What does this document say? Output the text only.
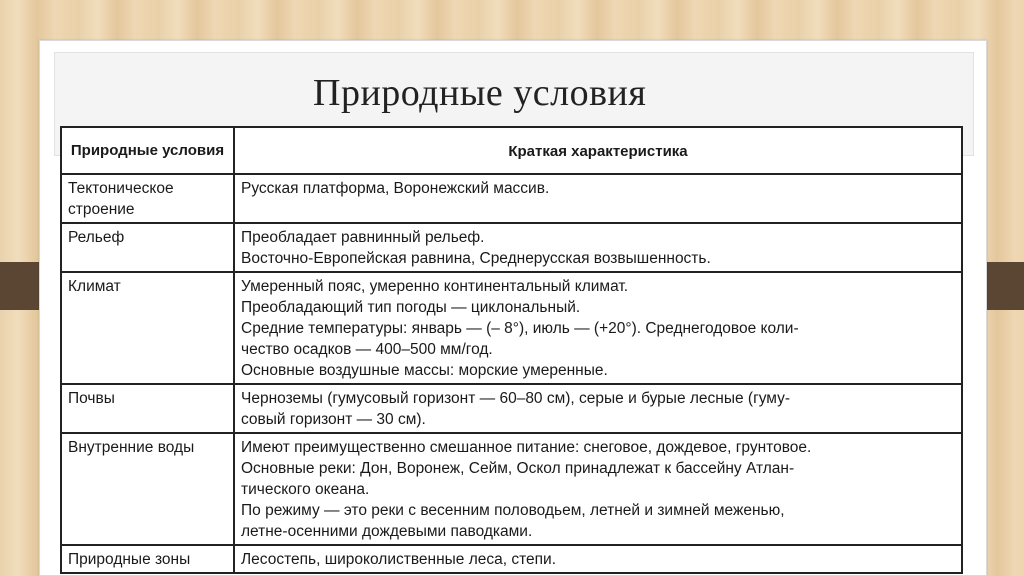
Природные условия
Природные условия	Краткая характеристика
Тектоническое строение	Русская платформа, Воронежский массив.

Рельеф	Преобладает равнинный рельеф.
Восточно-Европейская равнина, Среднерусская возвышенность.

Климат	Умеренный пояс, умеренно континентальный климат.
Преобладающий тип погоды — циклональный.
Средние температуры: январь — (– 8°), июль — (+20°). Среднегодовое коли-
чество осадков — 400–500 мм/год.
Основные воздушные массы: морские умеренные.

Почвы	Черноземы (гумусовый горизонт — 60–80 см), серые и бурые лесные (гуму-
совый горизонт — 30 см).

Внутренние воды	Имеют преимущественно смешанное питание: снеговое, дождевое, грунтовое.
Основные реки: Дон, Воронеж, Сейм, Оскол принадлежат к бассейну Атлан-
тического океана.
По режиму — это реки с весенним половодьем, летней и зимней меженью,
летне-осенними дождевыми паводками.

Природные зоны	Лесостепь, широколиственные леса, степи.
